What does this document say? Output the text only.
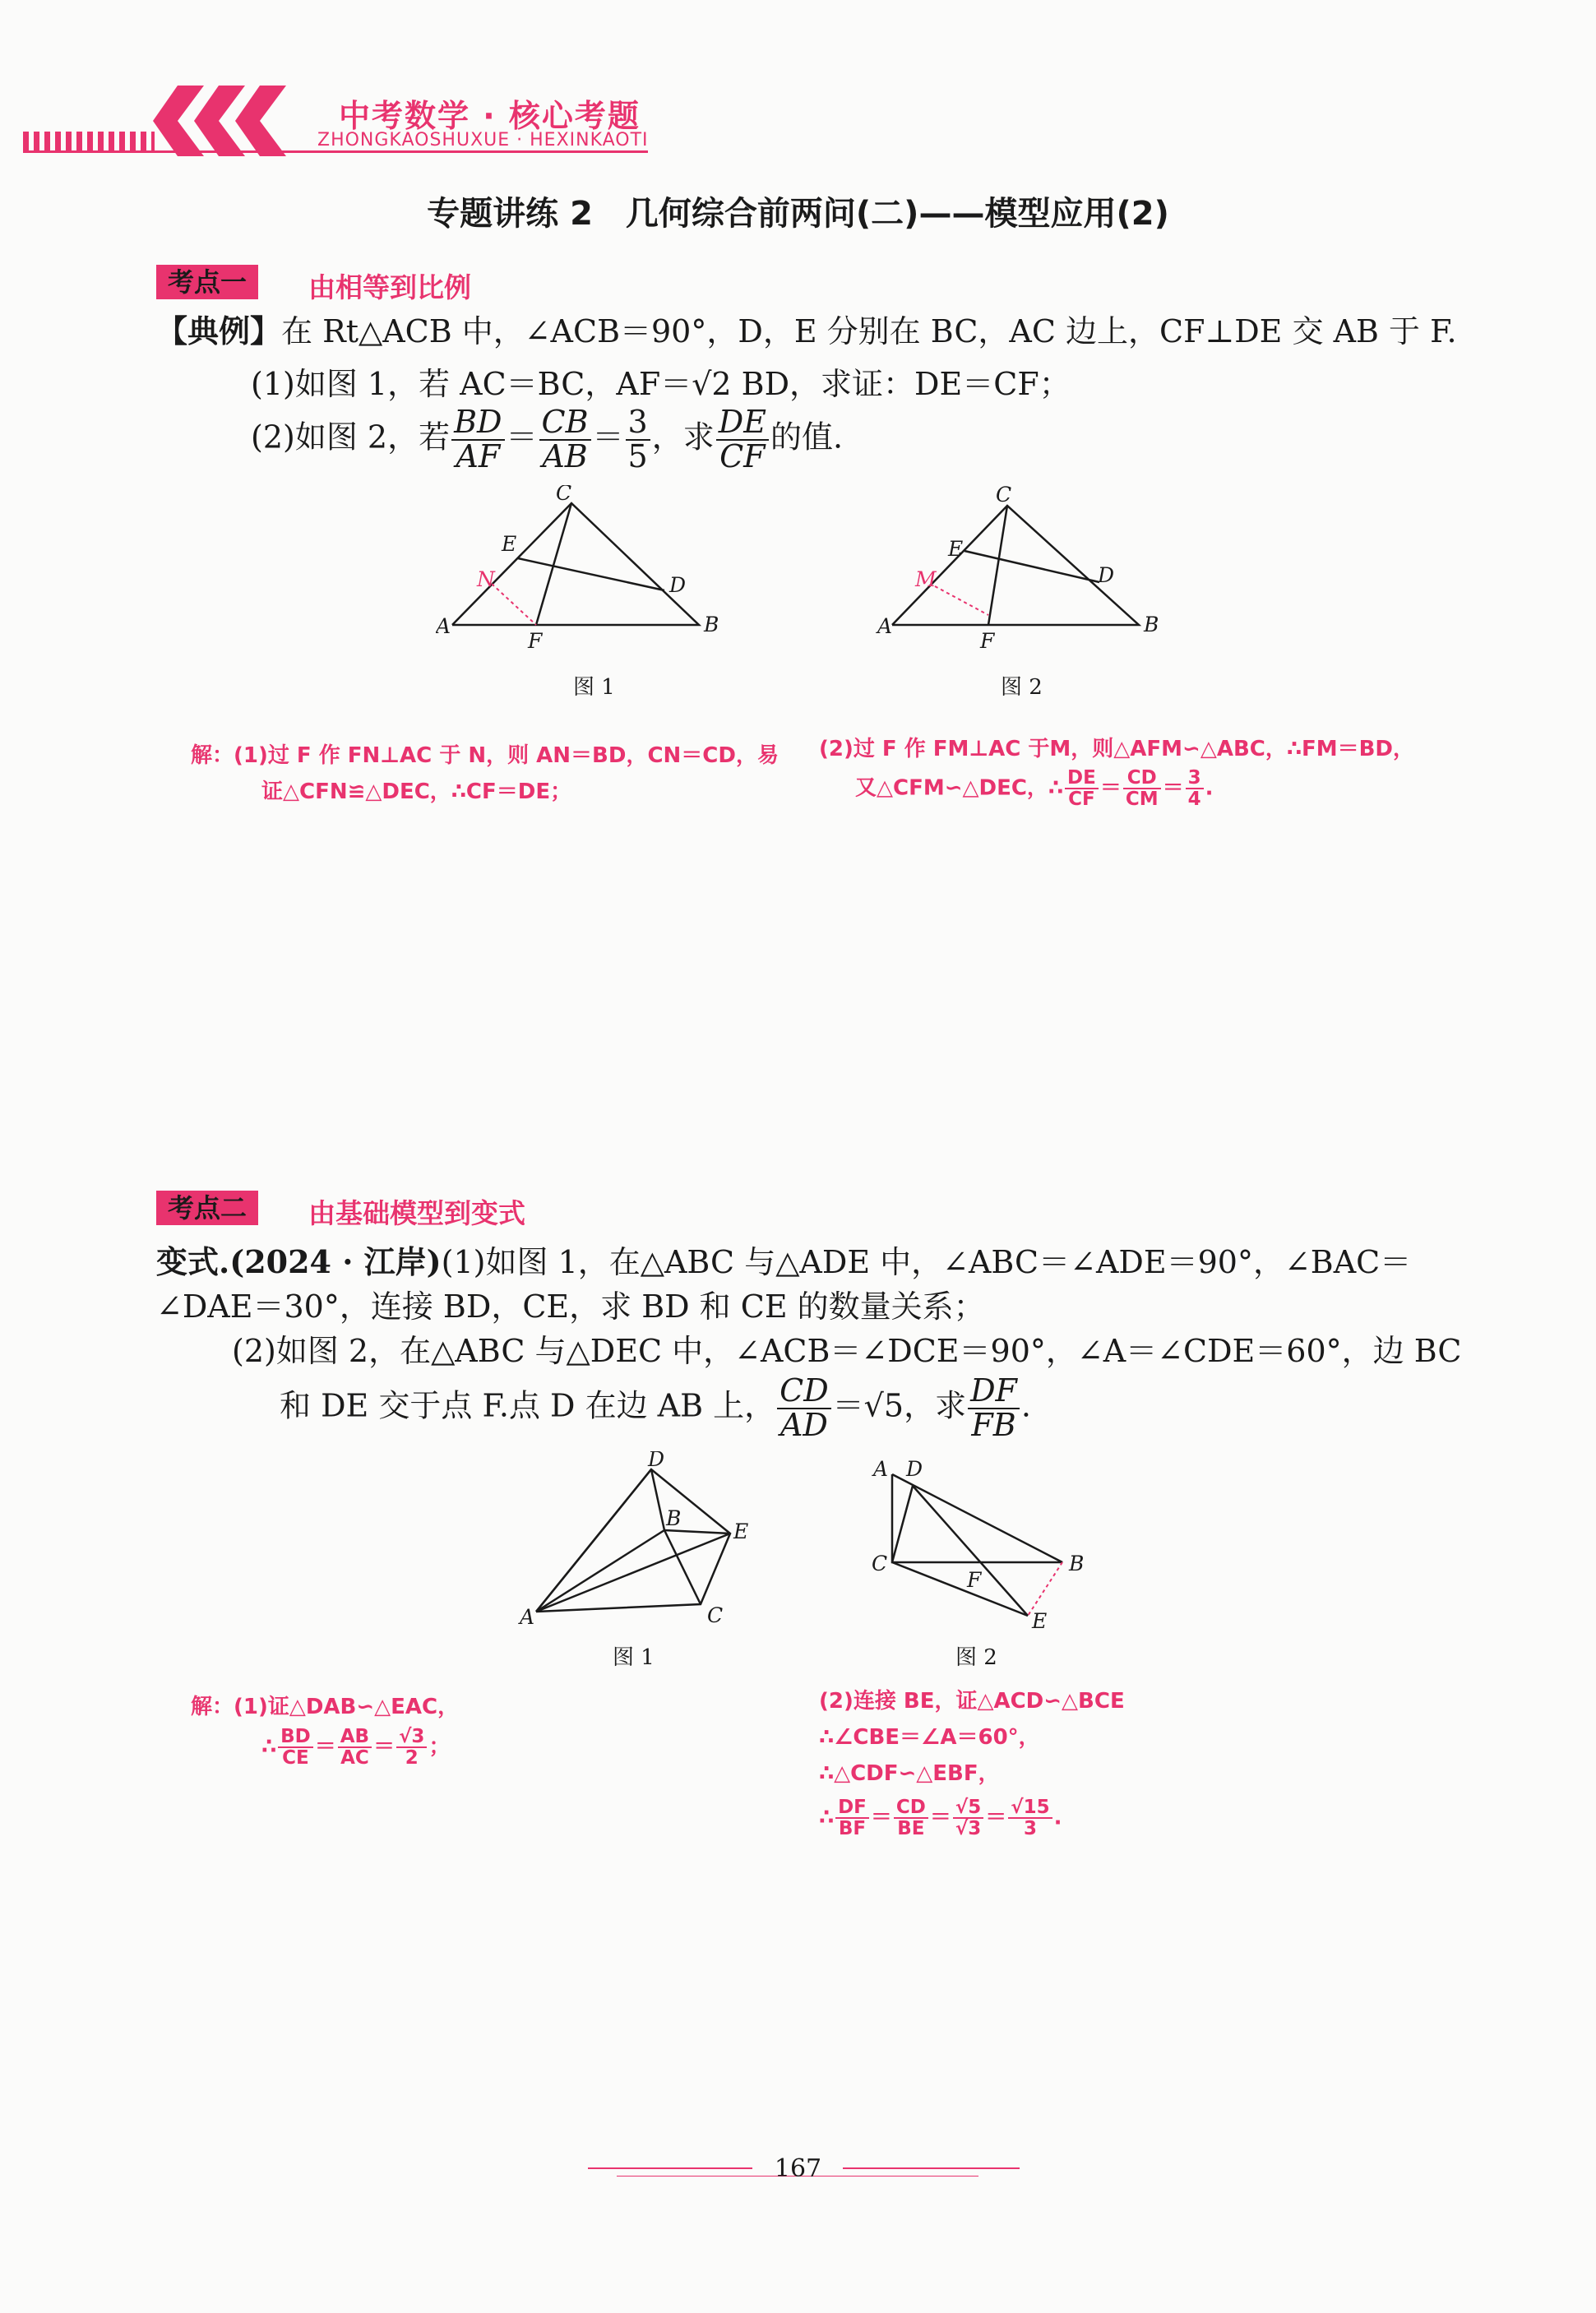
中考数学 · 核心考题
ZHONGKAOSHUXUE · HEXINKAOTI
专题讲练 2　几何综合前两问(二)——模型应用(2)
考点一	由相等到比例
【典例】在 Rt△ACB 中，∠ACB＝90°，D，E 分别在 BC，AC 边上，CF⊥DE 交 AB 于 F.
(1)如图 1，若 AC＝BC，AF＝√2 BD，求证：DE＝CF；
(2)如图 2，若 $\frac{BD}{AF} = \frac{CB}{AB} = \frac{3}{5}$ ，求 $\frac{DE}{CF}$ 的值.
C
E
N	D
A
F
B
图 1
C
E
M	D
A
F
B
图 2
解：(1)过 F 作 FN⊥AC 于 N，则 AN＝BD，CN＝CD，易
证△CFN≌△DEC，∴CF＝DE；
(2)过 F 作 FM⊥AC 于M，则△AFM∽△ABC，∴FM＝BD，
又△CFM∽△DEC，∴ $\frac{DE}{CF} = \frac{CD}{CM} = \frac{3}{4}$ .
考点二	由基础模型到变式
变式.(2024 · 江岸)(1)如图 1，在△ABC 与△ADE 中，∠ABC＝∠ADE＝90°，∠BAC＝
∠DAE＝30°，连接 BD，CE，求 BD 和 CE 的数量关系；
(2)如图 2，在△ABC 与△DEC 中，∠ACB＝∠DCE＝90°，∠A＝∠CDE＝60°，边 BC
和 DE 交于点 F.点 D 在边 AB 上， $\frac{CD}{AD} =√5$，求 $\frac{DF}{FB}$ .
D
B
E
A	C
图 1
A D
C	B
F
E
图 2
解：(1)证△DAB∽△EAC，
∴ $\frac{BD}{CE} = \frac{AB}{AC} = \frac{√3}{2}$ ；
(2)连接 BE，证△ACD∽△BCE
∴∠CBE＝∠A＝60°，
∴△CDF∽△EBF，
∴ $\frac{DF}{BF} = \frac{CD}{BE} = \frac{√5}{√3} = \frac{√15}{3}$ .
167
